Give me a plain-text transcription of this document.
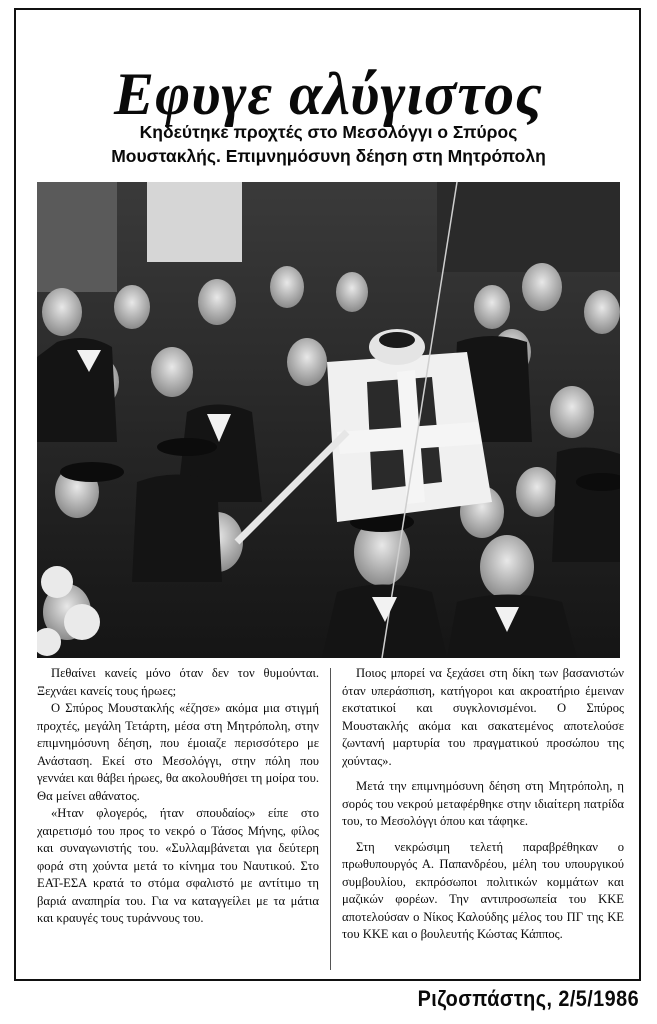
Εφυγε αλύγιστος
Κηδεύτηκε προχτές στο Μεσολόγγι ο Σπύρος
Μουστακλής. Επιμνημόσυνη δέηση στη Μητρόπολη

Πεθαίνει κανείς μόνο όταν δεν τον θυμούνται. Ξεχνάει κανείς τους ήρωες;

Ο Σπύρος Μουστακλής «έζησε» ακόμα μια στιγμή προχτές, μεγάλη Τετάρτη, μέσα στη Μητρόπολη, στην επιμνημόσυνη δέηση, που έμοιαζε περισσότερο με Ανάσταση. Εκεί στο Μεσολόγγι, στην πόλη που γεννάει και θάβει ήρωες, θα ακολουθήσει τη μοίρα του. Θα μείνει αθάνατος.

«Ηταν φλογερός, ήταν σπουδαίος» είπε στο χαιρετισμό του προς το νεκρό ο Τάσος Μήνης, φίλος και συναγωνιστής του. «Συλλαμβάνεται για δεύτερη φορά στη χούντα μετά το κίνημα του Ναυτικού. Στο ΕΑΤ-ΕΣΑ κρατά το στόμα σφαλιστό με αντίτιμο τη βαριά αναπηρία του. Για να καταγγείλει με τα μάτια και κραυγές τους τυράννους του.

Ποιος μπορεί να ξεχάσει στη δίκη των βασανιστών όταν υπεράσπιση, κατήγοροι και ακροατήριο έμειναν εκστατικοί και συγκλονισμένοι. Ο Σπύρος Μουστακλής ακόμα και σακατεμένος αποτελούσε ζωντανή μαρτυρία του πραγματικού προσώπου της χούντας».

Μετά την επιμνημόσυνη δέηση στη Μητρόπολη, η σορός του νεκρού μεταφέρθηκε στην ιδιαίτερη πατρίδα του, το Μεσολόγγι όπου και τάφηκε.

Στη νεκρώσιμη τελετή παραβρέθηκαν ο πρωθυπουργός Α. Παπανδρέου, μέλη του υπουργικού συμβουλίου, εκπρόσωποι πολιτικών κομμάτων και μαζικών φορέων. Την αντιπροσωπεία του ΚΚΕ αποτελούσαν ο Νίκος Καλούδης μέλος του ΠΓ της ΚΕ του ΚΚΕ και ο βουλευτής Κώστας Κάππος.

Ριζοσπάστης, 2/5/1986
